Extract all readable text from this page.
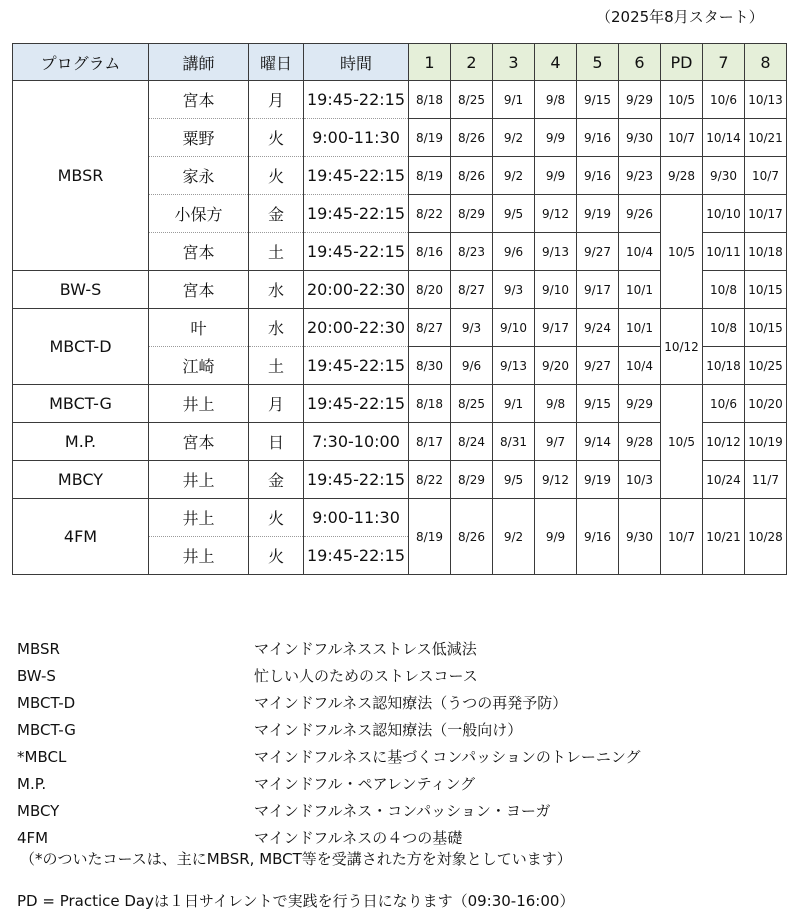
（2025年8月スタート）
プログラム	講師	曜日	時間	1	2	3	4	5	6	PD	7	8
MBSR	宮本	月	19:45-22:15	8/18	8/25	9/1	9/8	9/15	9/29	10/5	10/6	10/13
	粟野	火	9:00-11:30	8/19	8/26	9/2	9/9	9/16	9/30	10/7	10/14	10/21
	家永	火	19:45-22:15	8/19	8/26	9/2	9/9	9/16	9/23	9/28	9/30	10/7
	小保方	金	19:45-22:15	8/22	8/29	9/5	9/12	9/19	9/26	10/5	10/10	10/17
	宮本	土	19:45-22:15	8/16	8/23	9/6	9/13	9/27	10/4		10/11	10/18
BW-S	宮本	水	20:00-22:30	8/20	8/27	9/3	9/10	9/17	10/1		10/8	10/15
MBCT-D	叶	水	20:00-22:30	8/27	9/3	9/10	9/17	9/24	10/1	10/12	10/8	10/15
	江崎	土	19:45-22:15	8/30	9/6	9/13	9/20	9/27	10/4		10/18	10/25
MBCT-G	井上	月	19:45-22:15	8/18	8/25	9/1	9/8	9/15	9/29	10/5	10/6	10/20
M.P.	宮本	日	7:30-10:00	8/17	8/24	8/31	9/7	9/14	9/28		10/12	10/19
MBCY	井上	金	19:45-22:15	8/22	8/29	9/5	9/12	9/19	10/3		10/24	11/7
4FM	井上	火	9:00-11:30	8/19	8/26	9/2	9/9	9/16	9/30	10/7	10/21	10/28
	井上	火	19:45-22:15									
MBSR	マインドフルネスストレス低減法
BW-S	忙しい人のためのストレスコース
MBCT-D	マインドフルネス認知療法（うつの再発予防）
MBCT-G	マインドフルネス認知療法（一般向け）
*MBCL	マインドフルネスに基づくコンパッションのトレーニング
M.P.	マインドフル・ペアレンティング
MBCY	マインドフルネス・コンパッション・ヨーガ
4FM	マインドフルネスの４つの基礎
（*のついたコースは、主にMBSR, MBCT等を受講された方を対象としています）
PD = Practice Dayは１日サイレントで実践を行う日になります（09:30-16:00）
